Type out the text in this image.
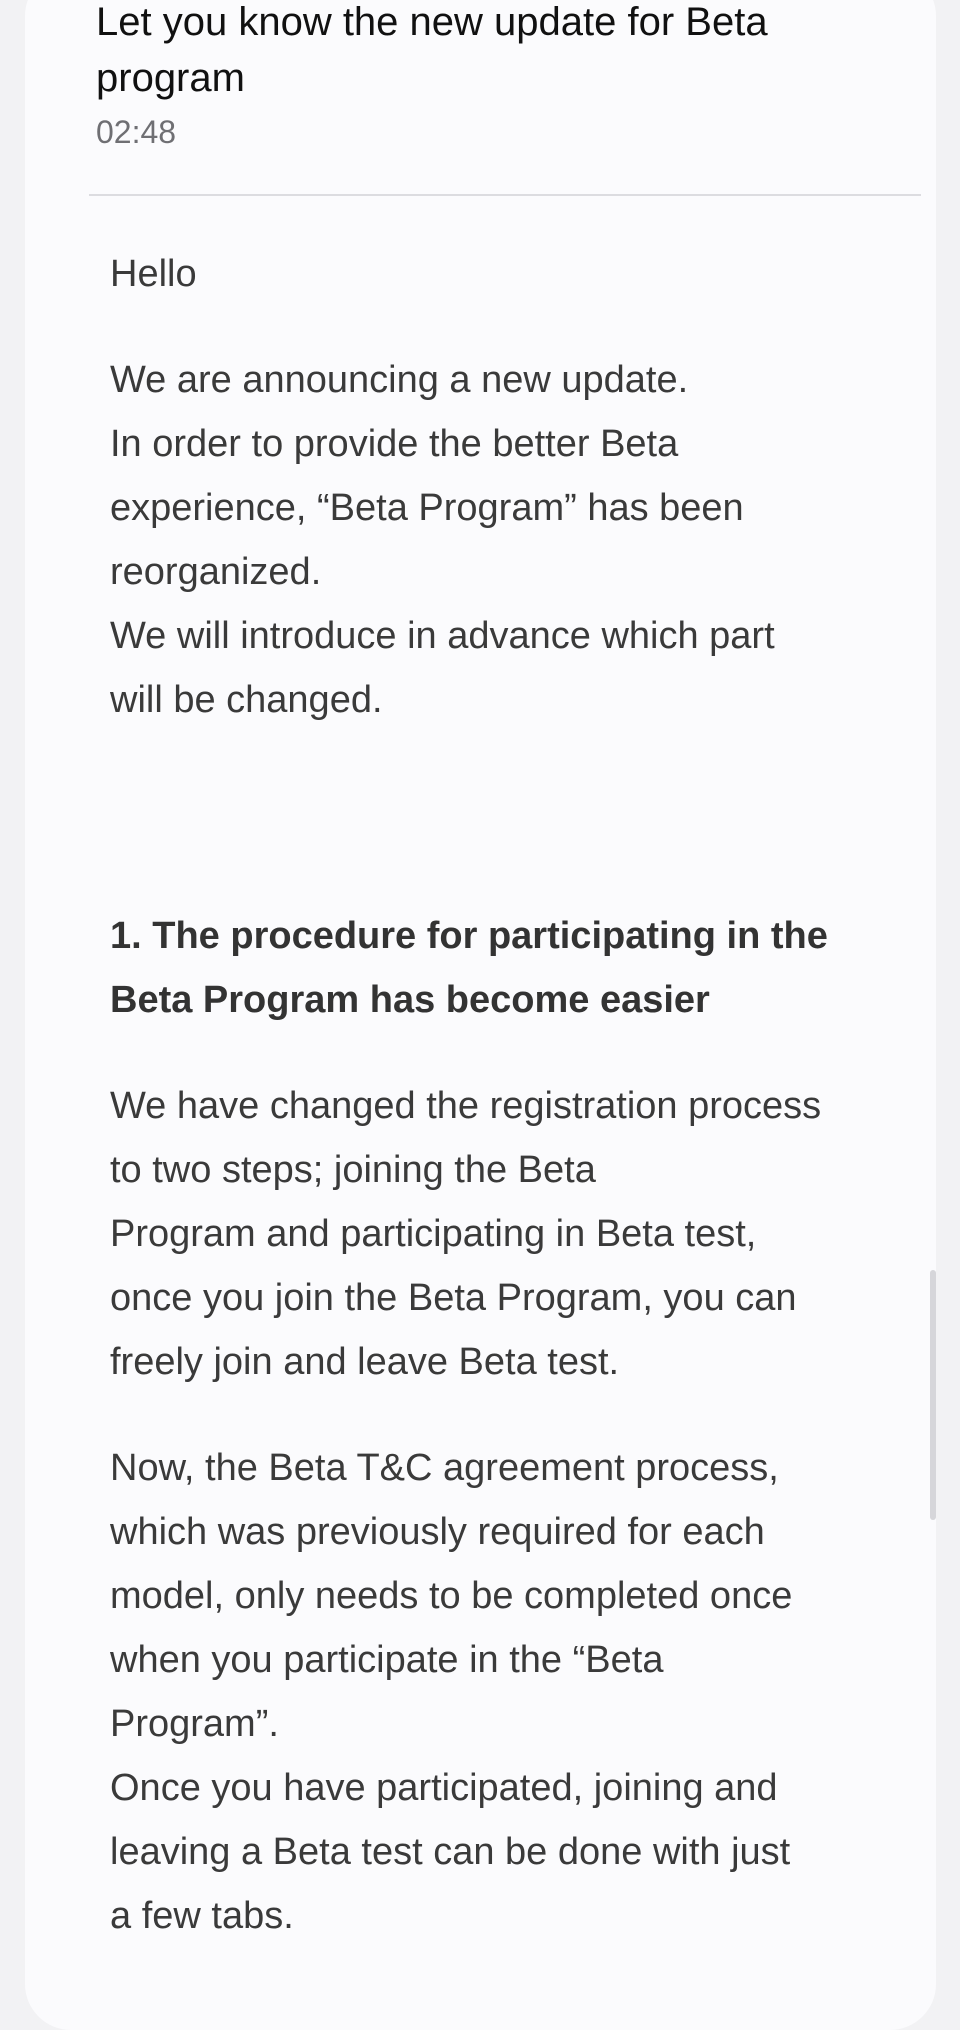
Let you know the new update for Beta program
02:48

Hello

We are announcing a new update.

In order to provide the better Beta

experience, “Beta Program” has been

reorganized.

We will introduce in advance which part

will be changed.

1. The procedure for participating in the

Beta Program has become easier

We have changed the registration process

to two steps; joining the Beta

Program and participating in Beta test,

once you join the Beta Program, you can

freely join and leave Beta test.

Now, the Beta T&C agreement process,

which was previously required for each

model, only needs to be completed once

when you participate in the “Beta

Program”.

Once you have participated, joining and

leaving a Beta test can be done with just

a few tabs.
